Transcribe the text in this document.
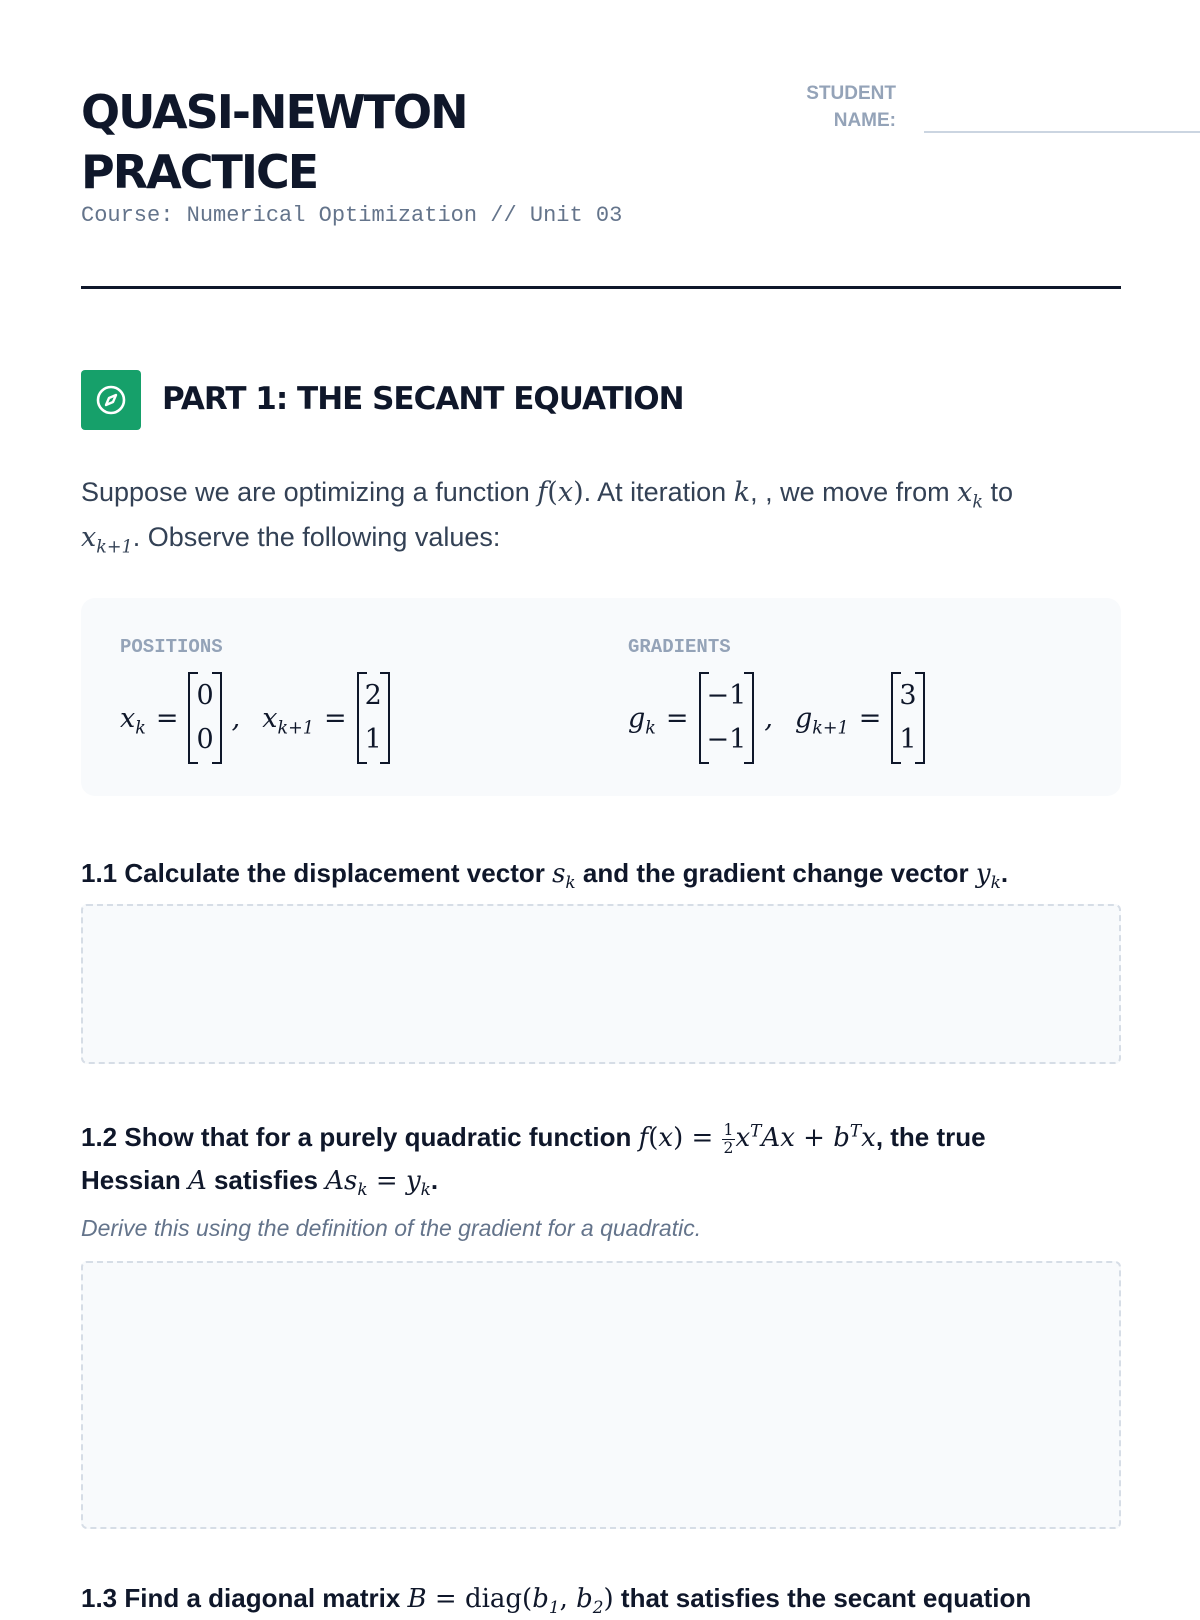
QUASI-NEWTON
PRACTICE
Course: Numerical Optimization // Unit 03
STUDENT
NAME:
PART 1: THE SECANT EQUATION

Suppose we are optimizing a function f(x). At iteration k, , we move from $x_k$ to
$x_{k+1}$. Observe the following values:

POSITIONS
$x_k$ =
0
0
, $x_{k+1}$ =
2
1
GRADIENTS
$g_k$ =
−1
−1
, $g_{k+1}$ =
3
1

1.1 Calculate the displacement vector $s_k$ and the gradient change vector $y_k$.

1.2 Show that for a purely quadratic function $f(x) = \frac{1}{2} x^TAx + b^Tx$, the true
Hessian A satisfies $As_k = y_k$.

Derive this using the definition of the gradient for a quadratic.

1.3 Find a diagonal matrix $B = diag(b_1$, $b_2$) that satisfies the secant equation
